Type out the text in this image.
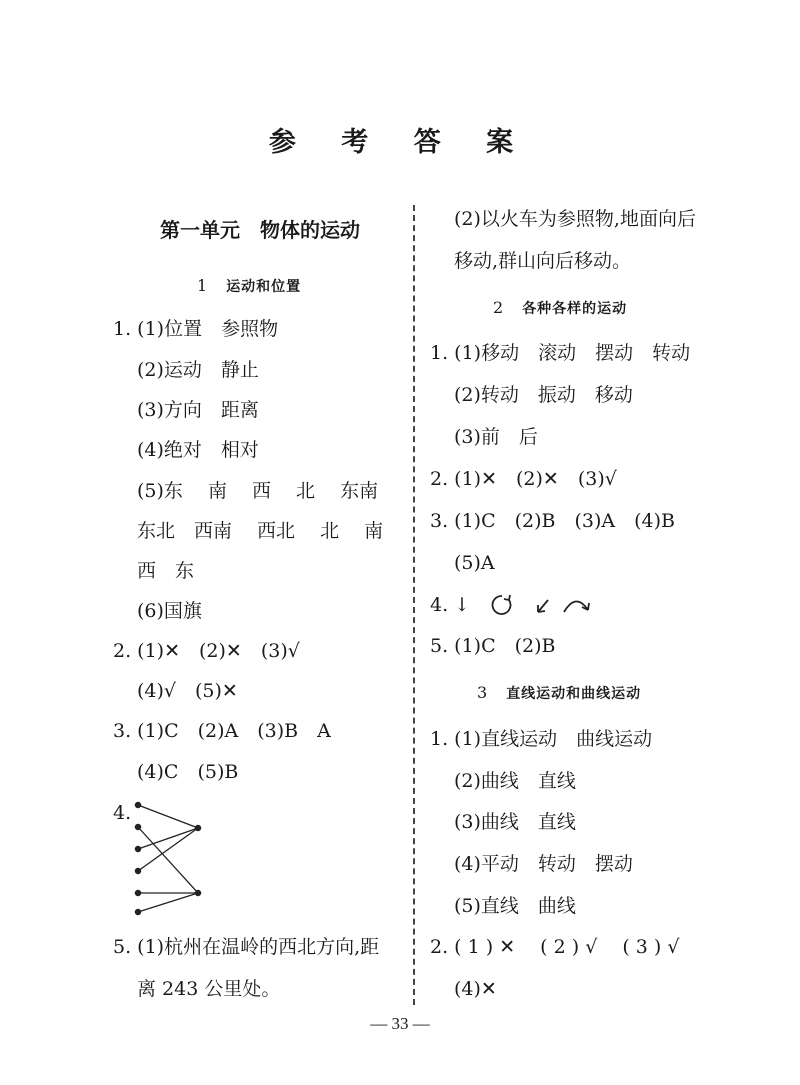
参 考 答 案
第一单元　物体的运动
1 运动和位置
1. (1)位置　参照物
(2)运动　静止
(3)方向　距离
(4)绝对　相对
(5)东　 南　 西　 北　 东南
东北　西南　 西北　 北　 南
西　东
(6)国旗
2. (1)✕　(2)✕　(3)√
(4)√　(5)✕
3. (1)C　(2)A　(3)B　A
(4)C　(5)B
4.
5. (1)杭州在温岭的西北方向,距
离 243 公里处。
(2)以火车为参照物,地面向后
移动,群山向后移动。
2 各种各样的运动
1. (1)移动　滚动　摆动　转动
(2)转动　振动　移动
(3)前　后
2. (1)✕　(2)✕　(3)√
3. (1)C　(2)B　(3)A　(4)B
(5)A
4. ↓
5. (1)C　(2)B
3 直线运动和曲线运动
1. (1)直线运动　曲线运动
(2)曲线　直线
(3)曲线　直线
(4)平动　转动　摆动
(5)直线　曲线
2. ( 1 ) ✕　 ( 2 ) √　 ( 3 ) √
(4)✕
— 33 —
